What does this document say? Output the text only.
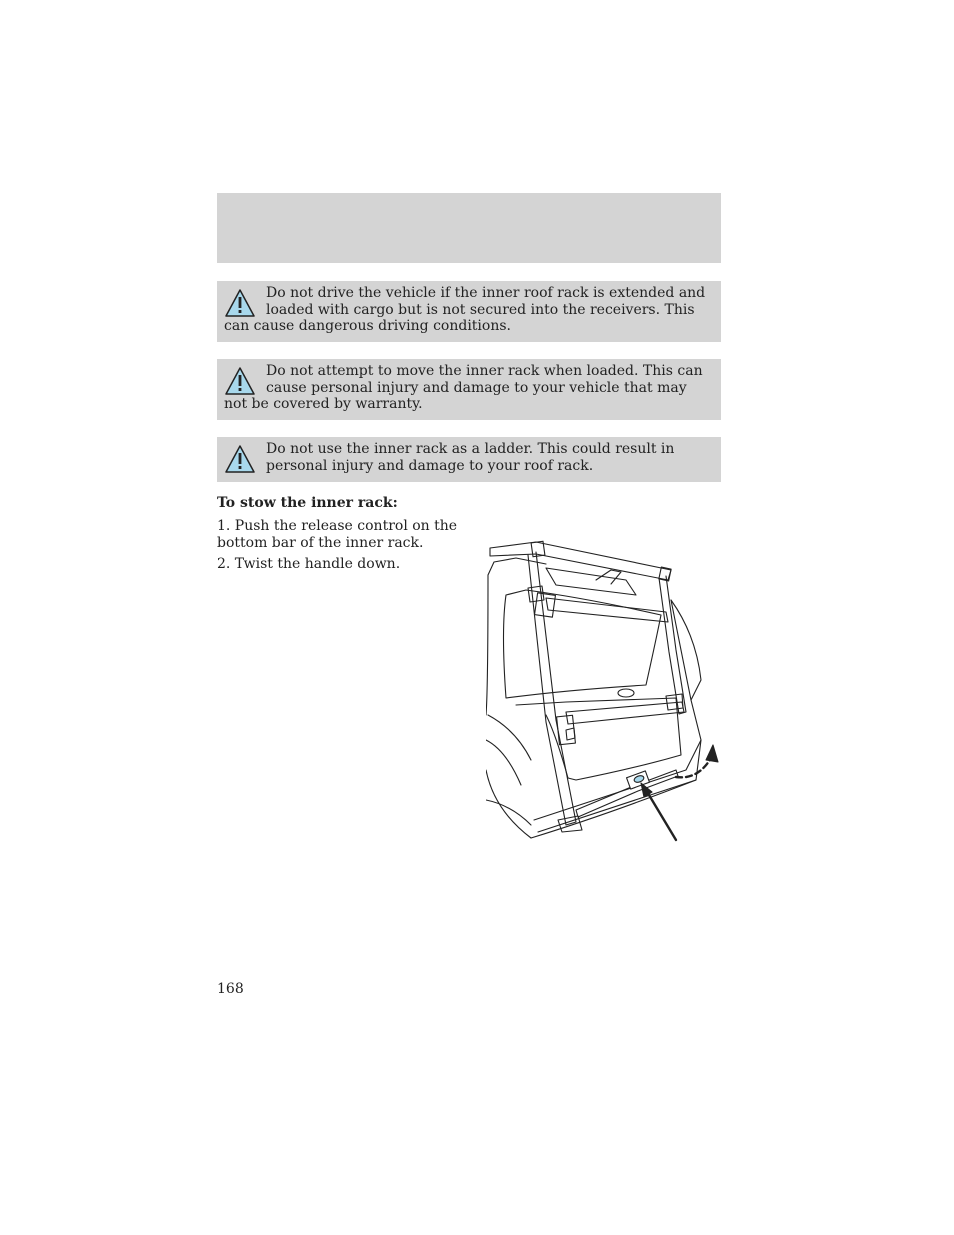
Do not drive the vehicle if the inner roof rack is extended and loaded with cargo but is not secured into the receivers. This can cause dangerous driving conditions.

Do not attempt to move the inner rack when loaded. This can cause personal injury and damage to your vehicle that may not be covered by warranty.

Do not use the inner rack as a ladder. This could result in personal injury and damage to your roof rack.

To stow the inner rack:
1. Push the release control on the bottom bar of the inner rack.
2. Twist the handle down.
168
